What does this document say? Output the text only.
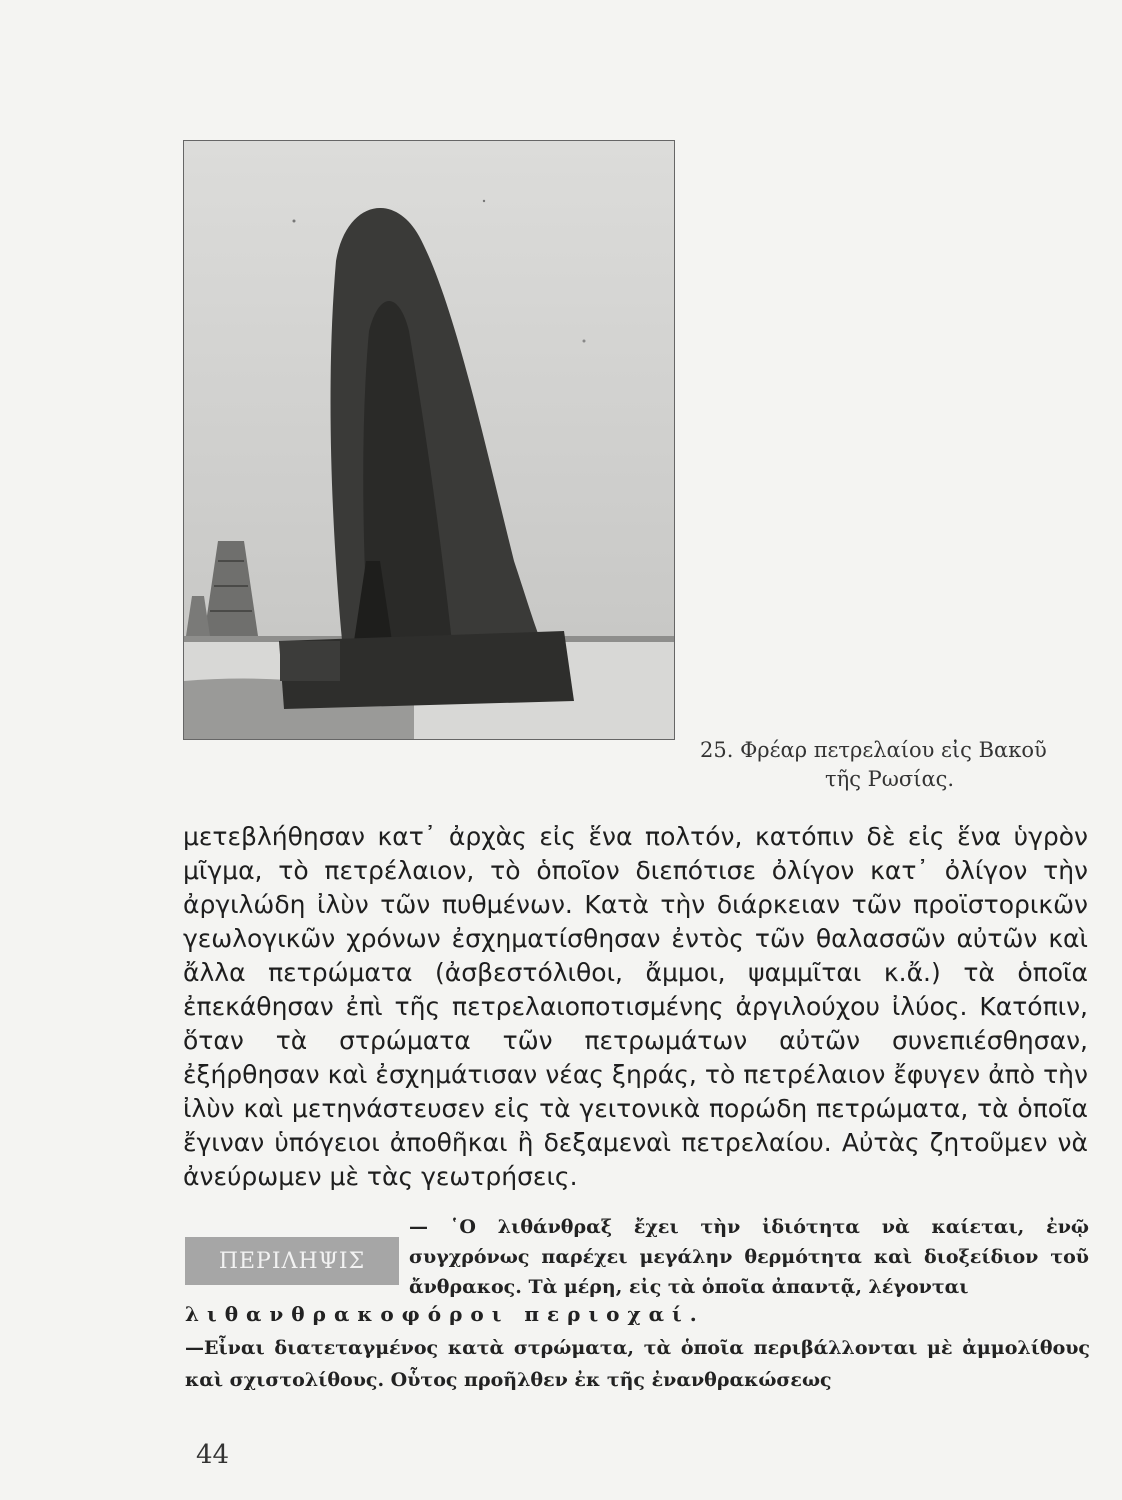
25. Φρέαρ πετρελαίου εἰς Βακοῦ
τῆς Ρωσίας.

μετεβλήθησαν κατ᾽ ἀρχὰς εἰς ἕνα πολτόν, κατόπιν δὲ εἰς ἕνα ὑγρὸν μῖγμα, τὸ πετρέλαιον, τὸ ὁποῖον διεπότισε ὀλίγον κατ᾽ ὀλίγον τὴν ἀργιλώδη ἰλὺν τῶν πυθμένων. Κατὰ τὴν διάρκειαν τῶν προϊστορικῶν γεωλογικῶν χρόνων ἐσχηματίσθησαν ἐντὸς τῶν θαλασσῶν αὐτῶν καὶ ἄλλα πετρώματα (ἀσβεστόλιθοι, ἄμμοι, ψαμμῖται κ.ἄ.) τὰ ὁποῖα ἐπεκάθησαν ἐπὶ τῆς πετρελαιοποτισμένης ἀργιλούχου ἰλύος. Κατόπιν, ὅταν τὰ στρώματα τῶν πετρωμάτων αὐτῶν συνεπιέσθησαν, ἐξήρθησαν καὶ ἐσχημάτισαν νέας ξηράς, τὸ πετρέλαιον ἔφυγεν ἀπὸ τὴν ἰλὺν καὶ μετηνάστευσεν εἰς τὰ γειτονικὰ πορώδη πετρώματα, τὰ ὁποῖα ἔγιναν ὑπόγειοι ἀποθῆκαι ἢ δεξαμεναὶ πετρελαίου. Αὐτὰς ζητοῦμεν νὰ ἀνεύρωμεν μὲ τὰς γεωτρήσεις.

ΠΕΡΙΛΗΨΙΣ

— ῾Ο λιθάνθραξ ἔχει τὴν ἰδιότητα νὰ καίεται, ἐνῷ συγχρόνως παρέχει μεγάλην θερμότητα καὶ διοξείδιον τοῦ ἄνθρακος. Τὰ μέρη, εἰς τὰ ὁποῖα ἀπαντᾷ, λέγονται

λιθανθρακοφόροι περιοχαί.

—Εἶναι διατεταγμένος κατὰ στρώματα, τὰ ὁποῖα περιβάλλονται μὲ ἀμμολίθους καὶ σχιστολίθους. Οὗτος προῆλθεν ἐκ τῆς ἐνανθρακώσεως

44
